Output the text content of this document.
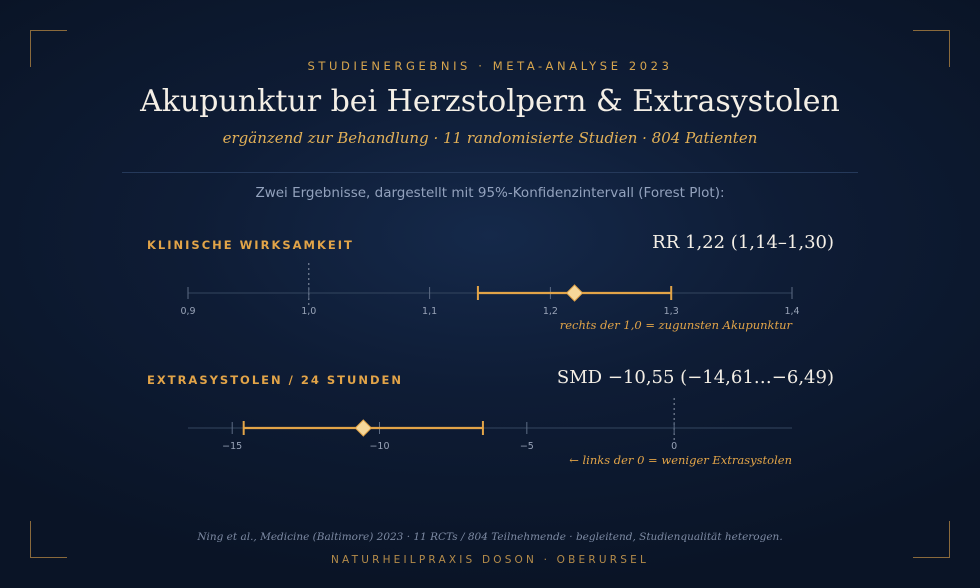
STUDIENERGEBNIS · META-ANALYSE 2023
Akupunktur bei Herzstolpern & Extrasystolen
ergänzend zur Behandlung · 11 randomisierte Studien · 804 Patienten
Zwei Ergebnisse, dargestellt mit 95%-Konfidenzintervall (Forest Plot):
KLINISCHE WIRKSAMKEIT	RR 1,22 (1,14–1,30)
rechts der 1,0 = zugunsten Akupunktur
EXTRASYSTOLEN / 24 STUNDEN	SMD −10,55 (−14,61…−6,49)
← links der 0 = weniger Extrasystolen
0,9	1,0	1,1	1,2	1,3	1,4
−15	−10	−5	0
Ning et al., Medicine (Baltimore) 2023 · 11 RCTs / 804 Teilnehmende · begleitend, Studienqualität heterogen.
NATURHEILPRAXIS DOSON · OBERURSEL
